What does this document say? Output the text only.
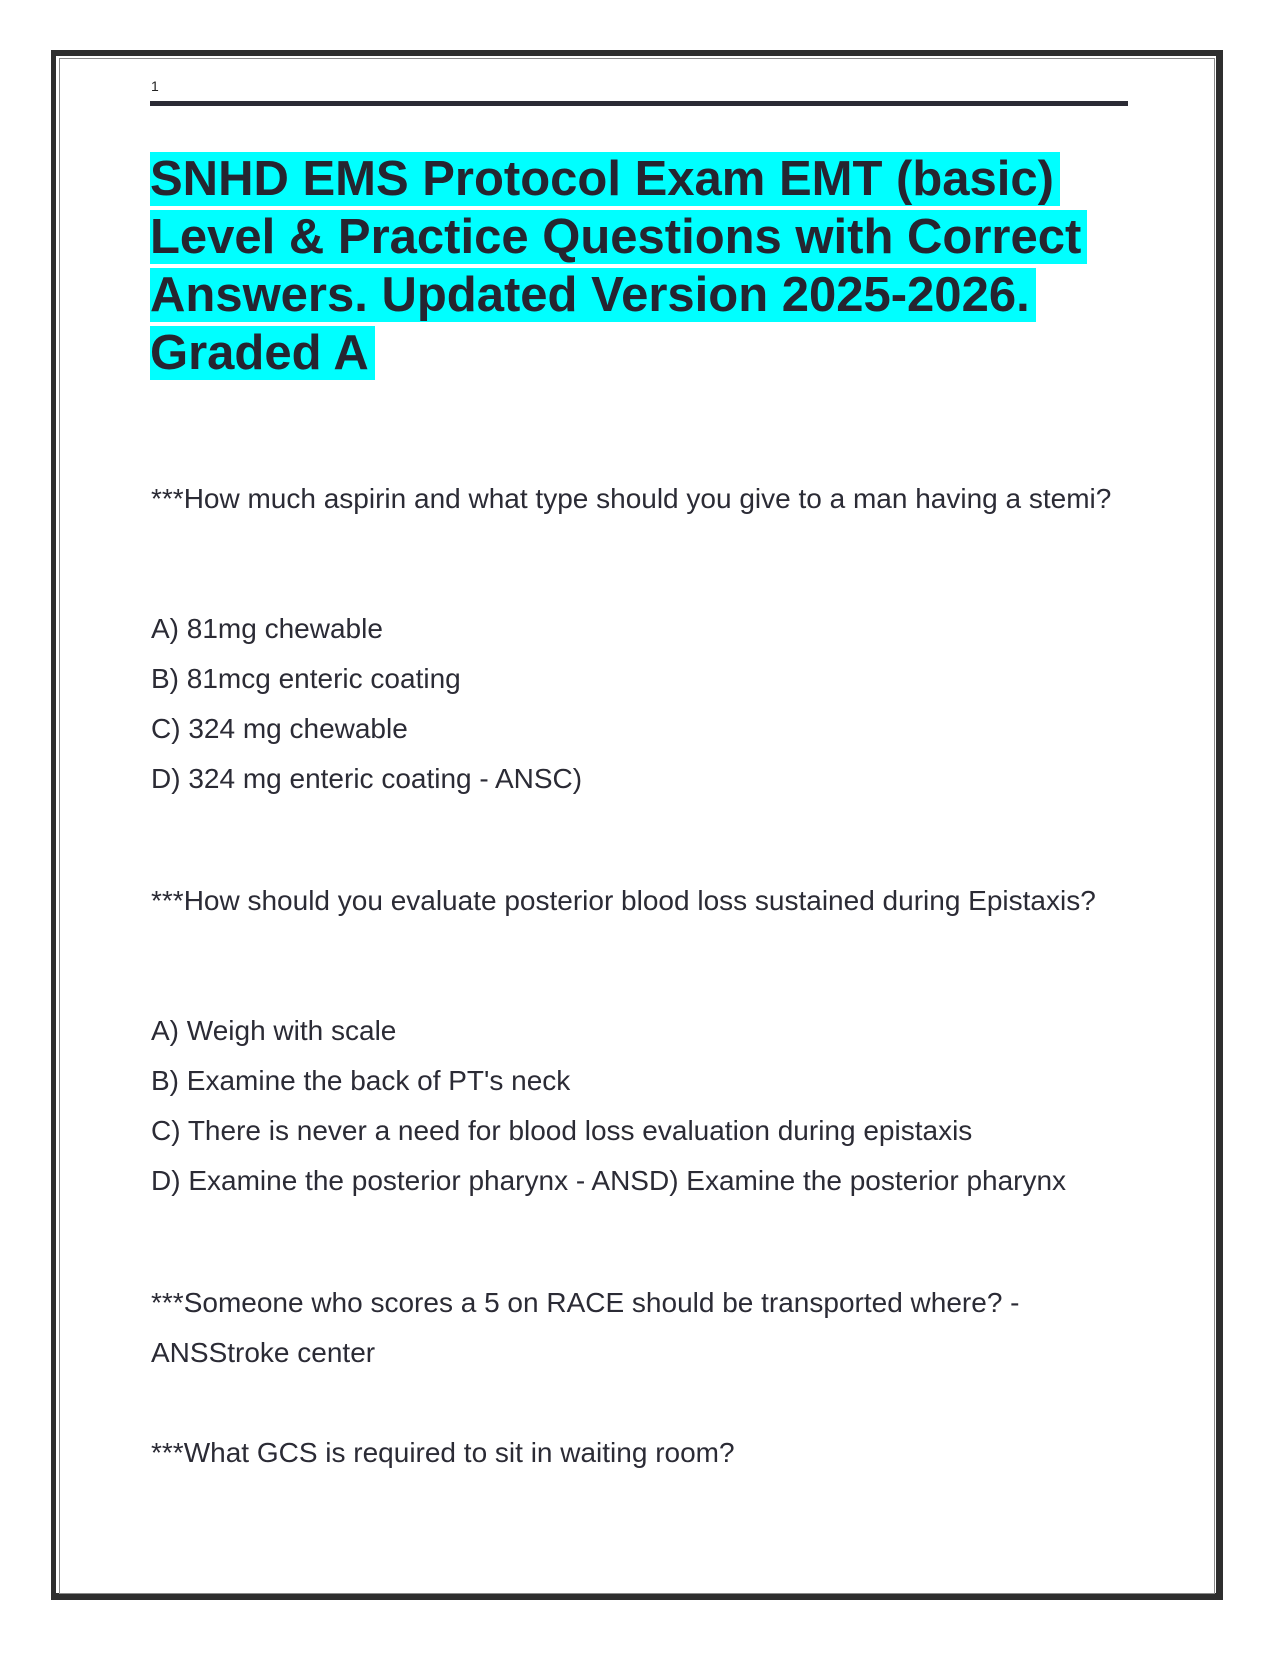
1
SNHD EMS Protocol Exam EMT (basic)
Level & Practice Questions with Correct
Answers. Updated Version 2025-2026.
Graded A

***How much aspirin and what type should you give to a man having a stemi?

A) 81mg chewable

B) 81mcg enteric coating

C) 324 mg chewable

D) 324 mg enteric coating - ANSC)

***How should you evaluate posterior blood loss sustained during Epistaxis?

A) Weigh with scale

B) Examine the back of PT's neck

C) There is never a need for blood loss evaluation during epistaxis

D) Examine the posterior pharynx - ANSD) Examine the posterior pharynx

***Someone who scores a 5 on RACE should be transported where? - ANSStroke center

***What GCS is required to sit in waiting room?
